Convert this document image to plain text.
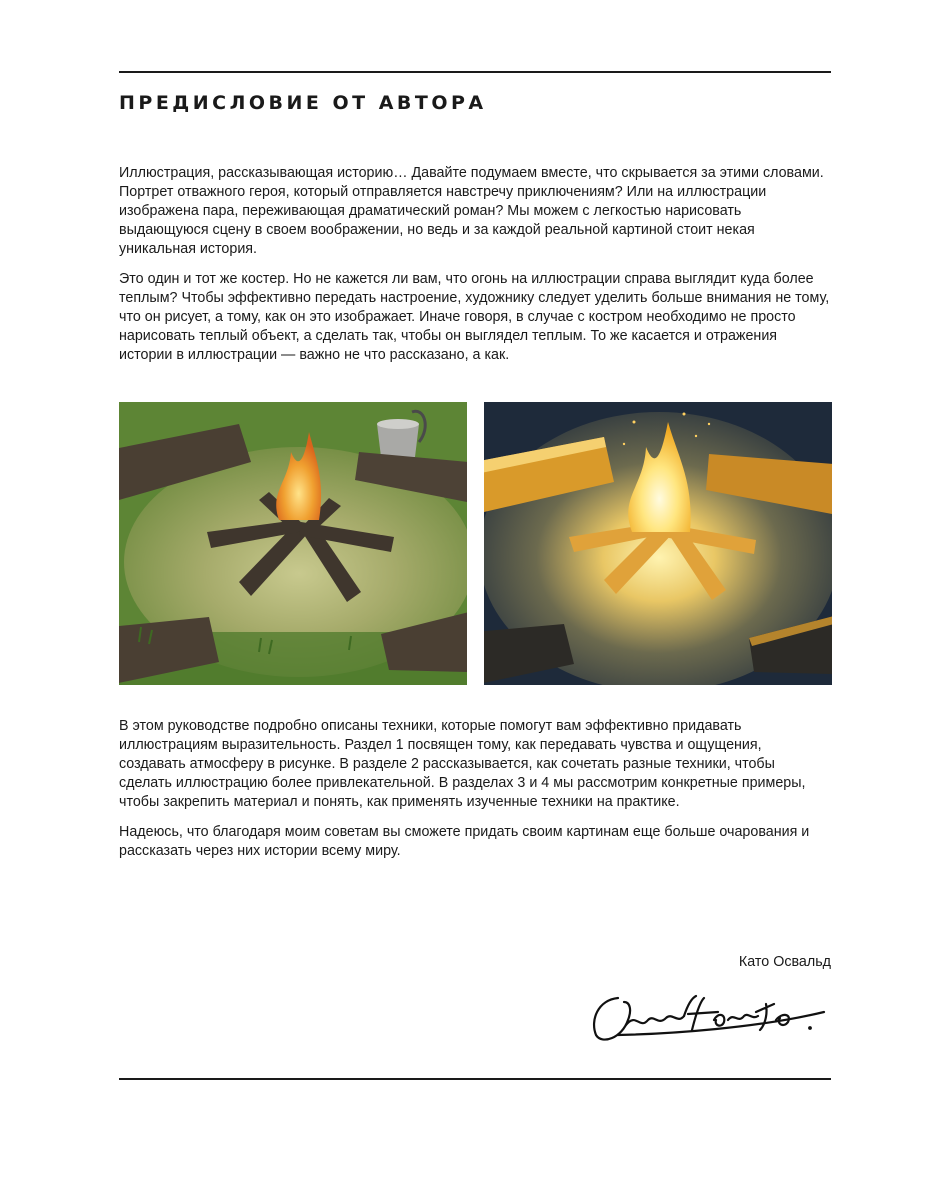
ПРЕДИСЛОВИЕ ОТ АВТОРА

Иллюстрация, рассказывающая историю… Давайте подумаем вместе, что скрывается за этими словами. Портрет отважного героя, который отправляется навстречу приключениям? Или на иллюстрации изображена пара, переживающая драматический роман? Мы можем с легкостью нарисовать выдающуюся сцену в своем воображении, но ведь и за каждой реальной картиной стоит некая уникальная история.

Это один и тот же костер. Но не кажется ли вам, что огонь на иллюстрации справа выглядит куда более теплым? Чтобы эффективно передать настроение, художнику следует уделить больше внимания не тому, что он рисует, а тому, как он это изображает. Иначе говоря, в случае с костром необходимо не просто нарисовать теплый объект, а сделать так, чтобы он выглядел теплым. То же касается и отражения истории в иллюстрации — важно не что рассказано, а как.

В этом руководстве подробно описаны техники, которые помогут вам эффективно придавать иллюстрациям выразительность. Раздел 1 посвящен тому, как передавать чувства и ощущения, создавать атмосферу в рисунке. В разделе 2 рассказывается, как сочетать разные техники, чтобы сделать иллюстрацию более привлекательной. В разделах 3 и 4 мы рассмотрим конкретные примеры, чтобы закрепить материал и понять, как применять изученные техники на практике.

Надеюсь, что благодаря моим советам вы сможете придать своим картинам еще больше очарования и рассказать через них истории всему миру.

Като Освальд
